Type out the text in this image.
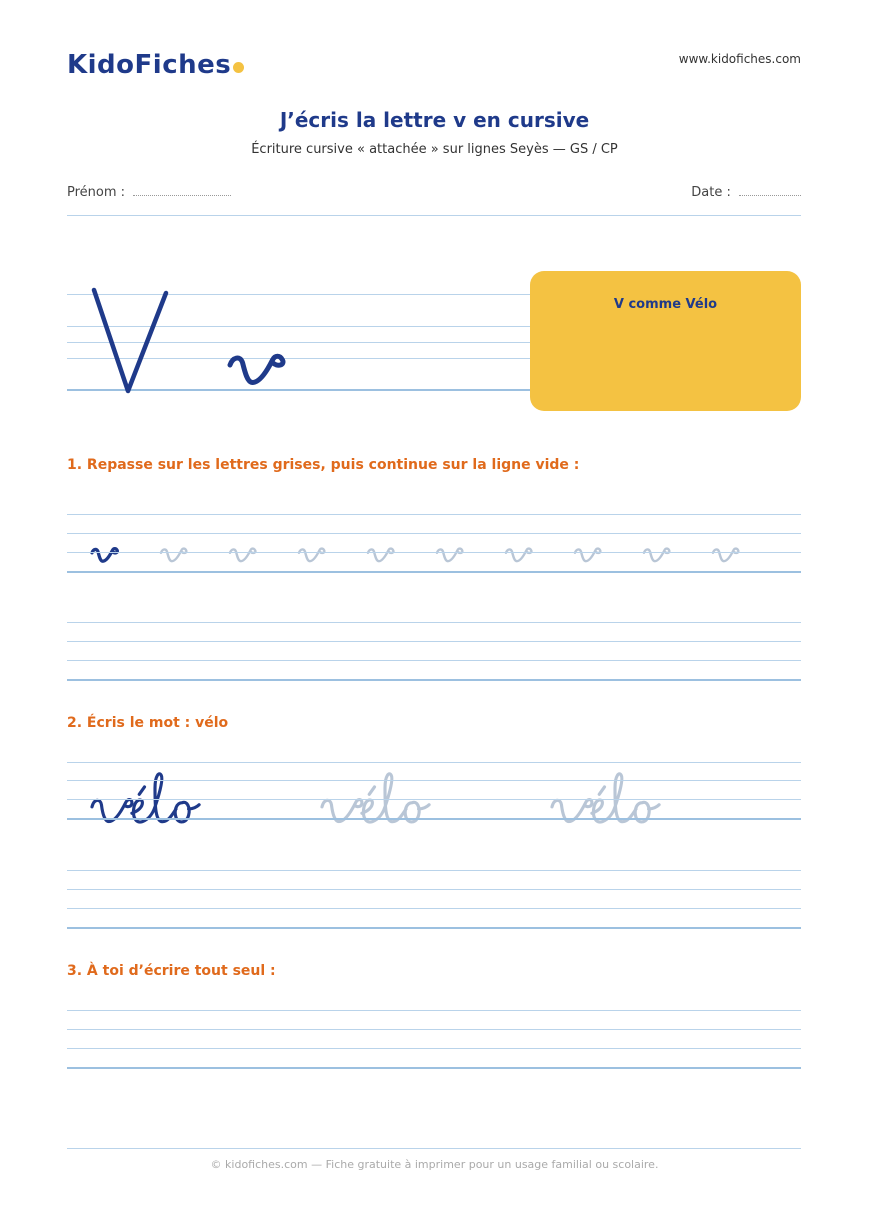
KidoFiches	www.kidofiches.com
J’écris la lettre v en cursive
Écriture cursive « attachée » sur lignes Seyès — GS / CP
Prénom :	Date :
V comme Vélo
1. Repasse sur les lettres grises, puis continue sur la ligne vide :
2. Écris le mot : vélo
3. À toi d’écrire tout seul :
© kidofiches.com — Fiche gratuite à imprimer pour un usage familial ou scolaire.
